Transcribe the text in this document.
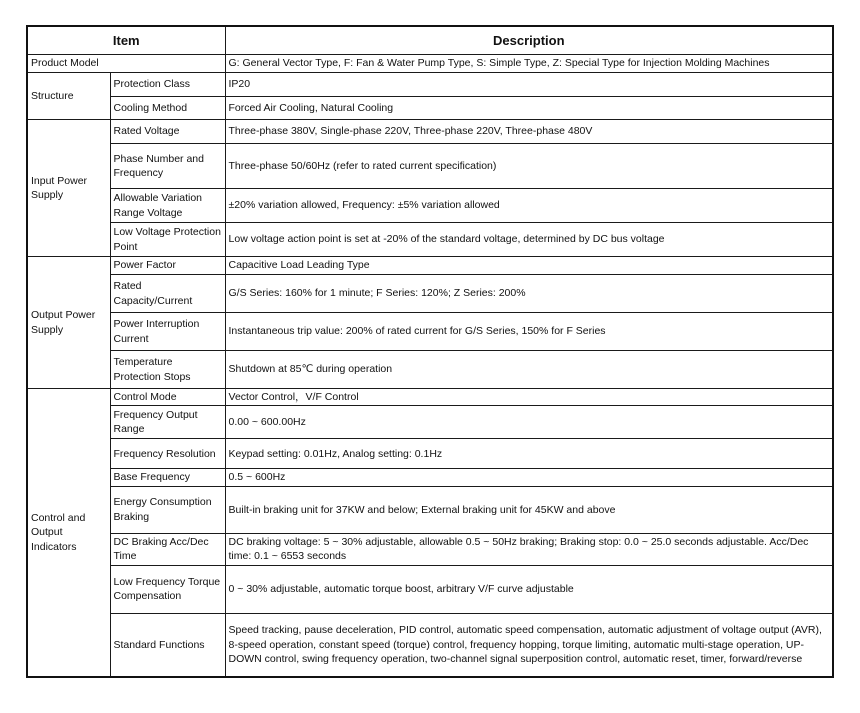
Item		Description
Product Model		G: General Vector Type, F: Fan & Water Pump Type, S: Simple Type, Z: Special Type for Injection Molding Machines
Structure	Protection Class	IP20
	Cooling Method	Forced Air Cooling, Natural Cooling
Input Power Supply	Rated Voltage	Three-phase 380V, Single-phase 220V, Three-phase 220V, Three-phase 480V
	Phase Number and Frequency	Three-phase 50/60Hz (refer to rated current specification)
	Allowable Variation Range Voltage	±20% variation allowed, Frequency: ±5% variation allowed
	Low Voltage Protection Point	Low voltage action point is set at -20% of the standard voltage, determined by DC bus voltage
Output Power Supply	Power Factor	Capacitive Load Leading Type
	Rated Capacity/Current	G/S Series: 160% for 1 minute; F Series: 120%; Z Series: 200%
	Power Interruption Current	Instantaneous trip value: 200% of rated current for G/S Series, 150% for F Series
	Temperature Protection Stops	Shutdown at 85℃ during operation
Control and Output Indicators	Control Mode	Vector Control，V/F Control
	Frequency Output Range	0.00 ~ 600.00Hz
	Frequency Resolution	Keypad setting: 0.01Hz, Analog setting: 0.1Hz
	Base Frequency	0.5 ~ 600Hz
	Energy Consumption Braking	Built-in braking unit for 37KW and below; External braking unit for 45KW and above
	DC Braking Acc/Dec Time	DC braking voltage: 5 ~ 30% adjustable, allowable 0.5 ~ 50Hz braking; Braking stop: 0.0 ~ 25.0 seconds adjustable. Acc/Dec time: 0.1 ~ 6553 seconds
	Low Frequency Torque Compensation	0 ~ 30% adjustable, automatic torque boost, arbitrary V/F curve adjustable
	Standard Functions	Speed tracking, pause deceleration, PID control, automatic speed compensation, automatic adjustment of voltage output (AVR), 8-speed operation, constant speed (torque) control, frequency hopping, torque limiting, automatic multi-stage operation, UP-DOWN control, swing frequency operation, two-channel signal superposition control, automatic reset, timer, forward/reverse
